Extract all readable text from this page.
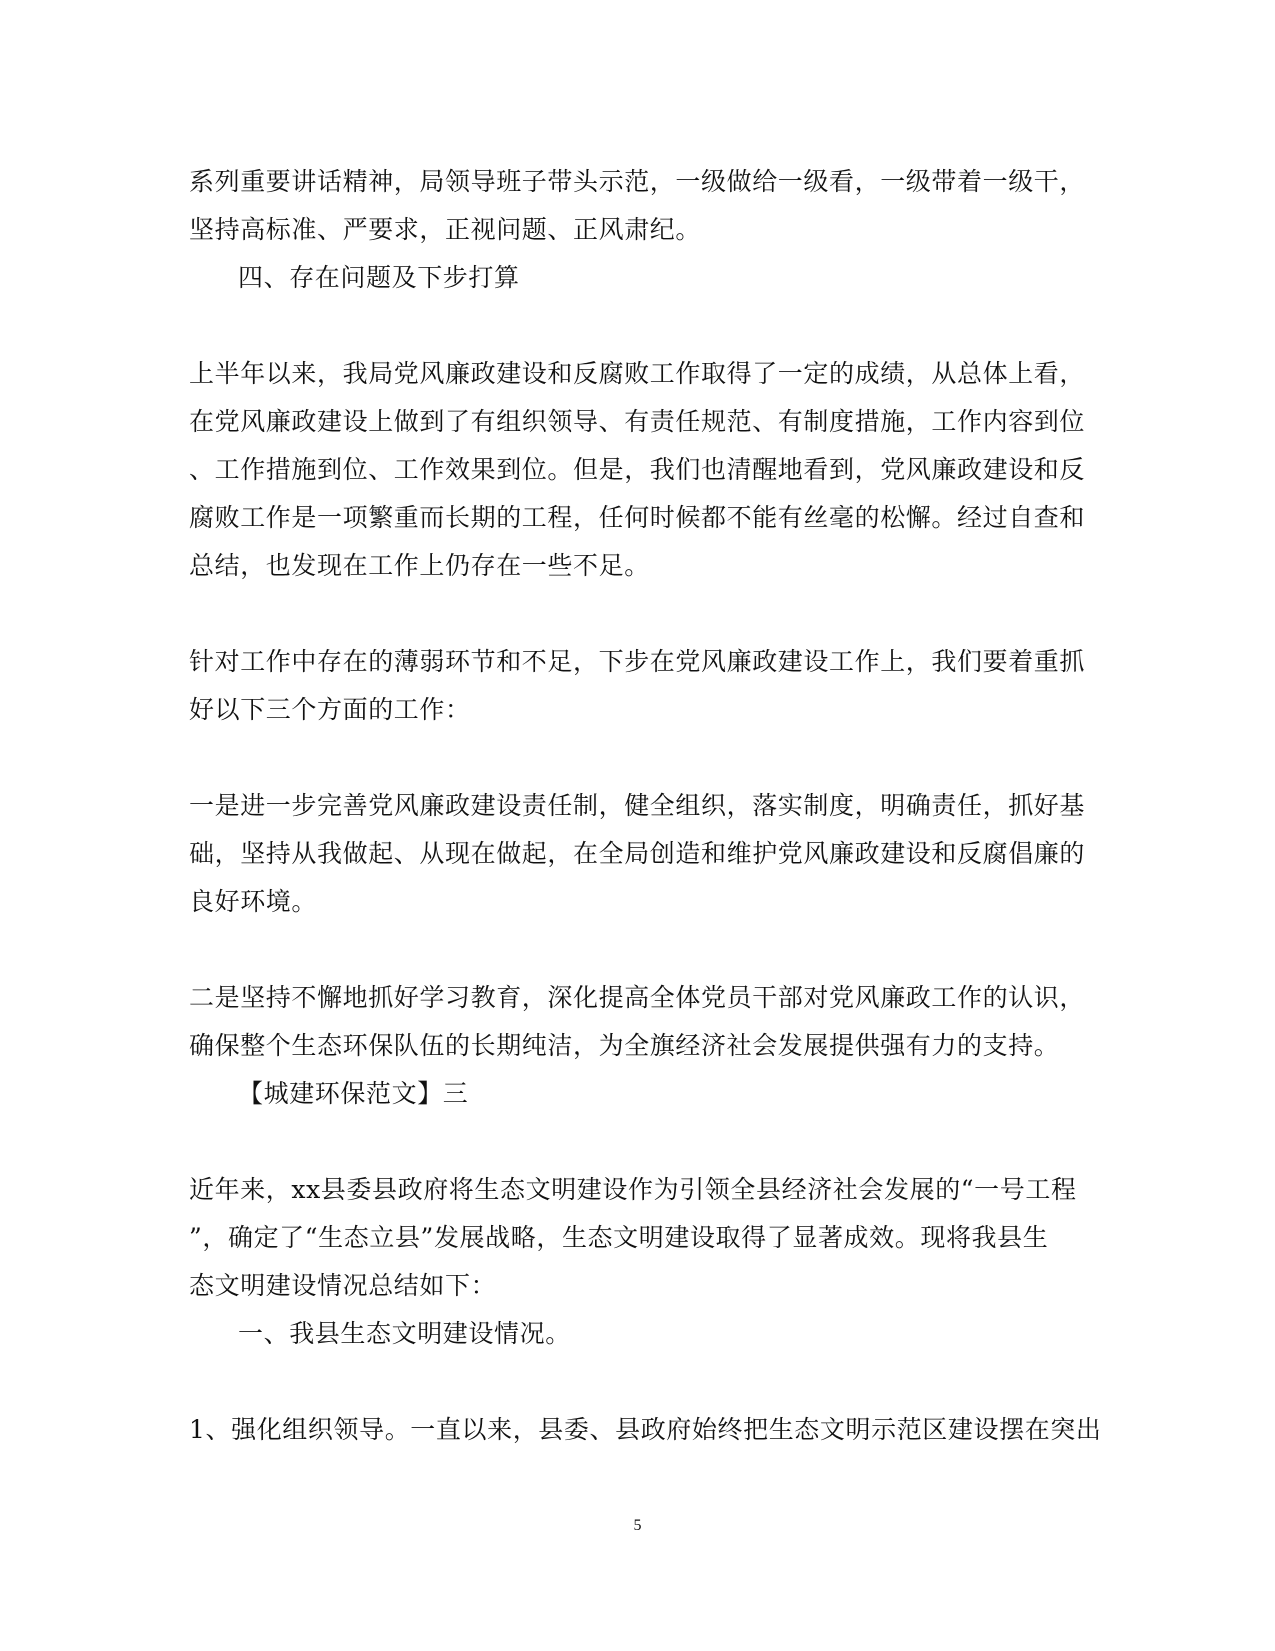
系列重要讲话精神，局领导班子带头示范，一级做给一级看，一级带着一级干，
坚持高标准、严要求，正视问题、正风肃纪。
四、存在问题及下步打算
上半年以来，我局党风廉政建设和反腐败工作取得了一定的成绩，从总体上看，
在党风廉政建设上做到了有组织领导、有责任规范、有制度措施，工作内容到位
、工作措施到位、工作效果到位。但是，我们也清醒地看到，党风廉政建设和反
腐败工作是一项繁重而长期的工程，任何时候都不能有丝毫的松懈。经过自查和
总结，也发现在工作上仍存在一些不足。
针对工作中存在的薄弱环节和不足，下步在党风廉政建设工作上，我们要着重抓
好以下三个方面的工作：
一是进一步完善党风廉政建设责任制，健全组织，落实制度，明确责任，抓好基
础，坚持从我做起、从现在做起，在全局创造和维护党风廉政建设和反腐倡廉的
良好环境。
二是坚持不懈地抓好学习教育，深化提高全体党员干部对党风廉政工作的认识，
确保整个生态环保队伍的长期纯洁，为全旗经济社会发展提供强有力的支持。
【城建环保范文】三
近年来，xx县委县政府将生态文明建设作为引领全县经济社会发展的“一号工程
”，确定了“生态立县”发展战略，生态文明建设取得了显著成效。现将我县生
态文明建设情况总结如下：
一、我县生态文明建设情况。
1、强化组织领导。一直以来，县委、县政府始终把生态文明示范区建设摆在突出
5
